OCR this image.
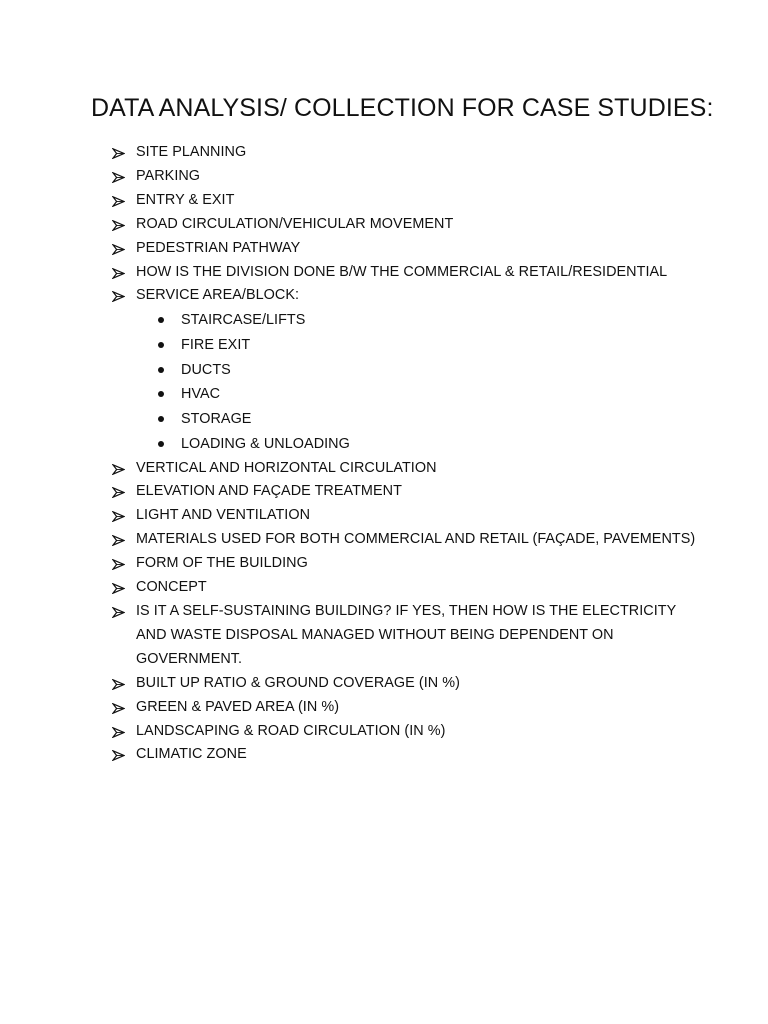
DATA ANALYSIS/ COLLECTION FOR CASE STUDIES:
SITE PLANNING
PARKING
ENTRY & EXIT
ROAD CIRCULATION/VEHICULAR MOVEMENT
PEDESTRIAN PATHWAY
HOW IS THE DIVISION DONE B/W THE COMMERCIAL & RETAIL/RESIDENTIAL
SERVICE AREA/BLOCK:
STAIRCASE/LIFTS
FIRE EXIT
DUCTS
HVAC
STORAGE
LOADING & UNLOADING
VERTICAL AND HORIZONTAL CIRCULATION
ELEVATION AND FAÇADE TREATMENT
LIGHT AND VENTILATION
MATERIALS USED FOR BOTH COMMERCIAL AND RETAIL (FAÇADE, PAVEMENTS)
FORM OF THE BUILDING
CONCEPT
IS IT A SELF-SUSTAINING BUILDING? IF YES, THEN HOW IS THE ELECTRICITY AND WASTE DISPOSAL MANAGED WITHOUT BEING DEPENDENT ON GOVERNMENT.
BUILT UP RATIO & GROUND COVERAGE (IN %)
GREEN & PAVED AREA (IN %)
LANDSCAPING & ROAD CIRCULATION (IN %)
CLIMATIC ZONE
